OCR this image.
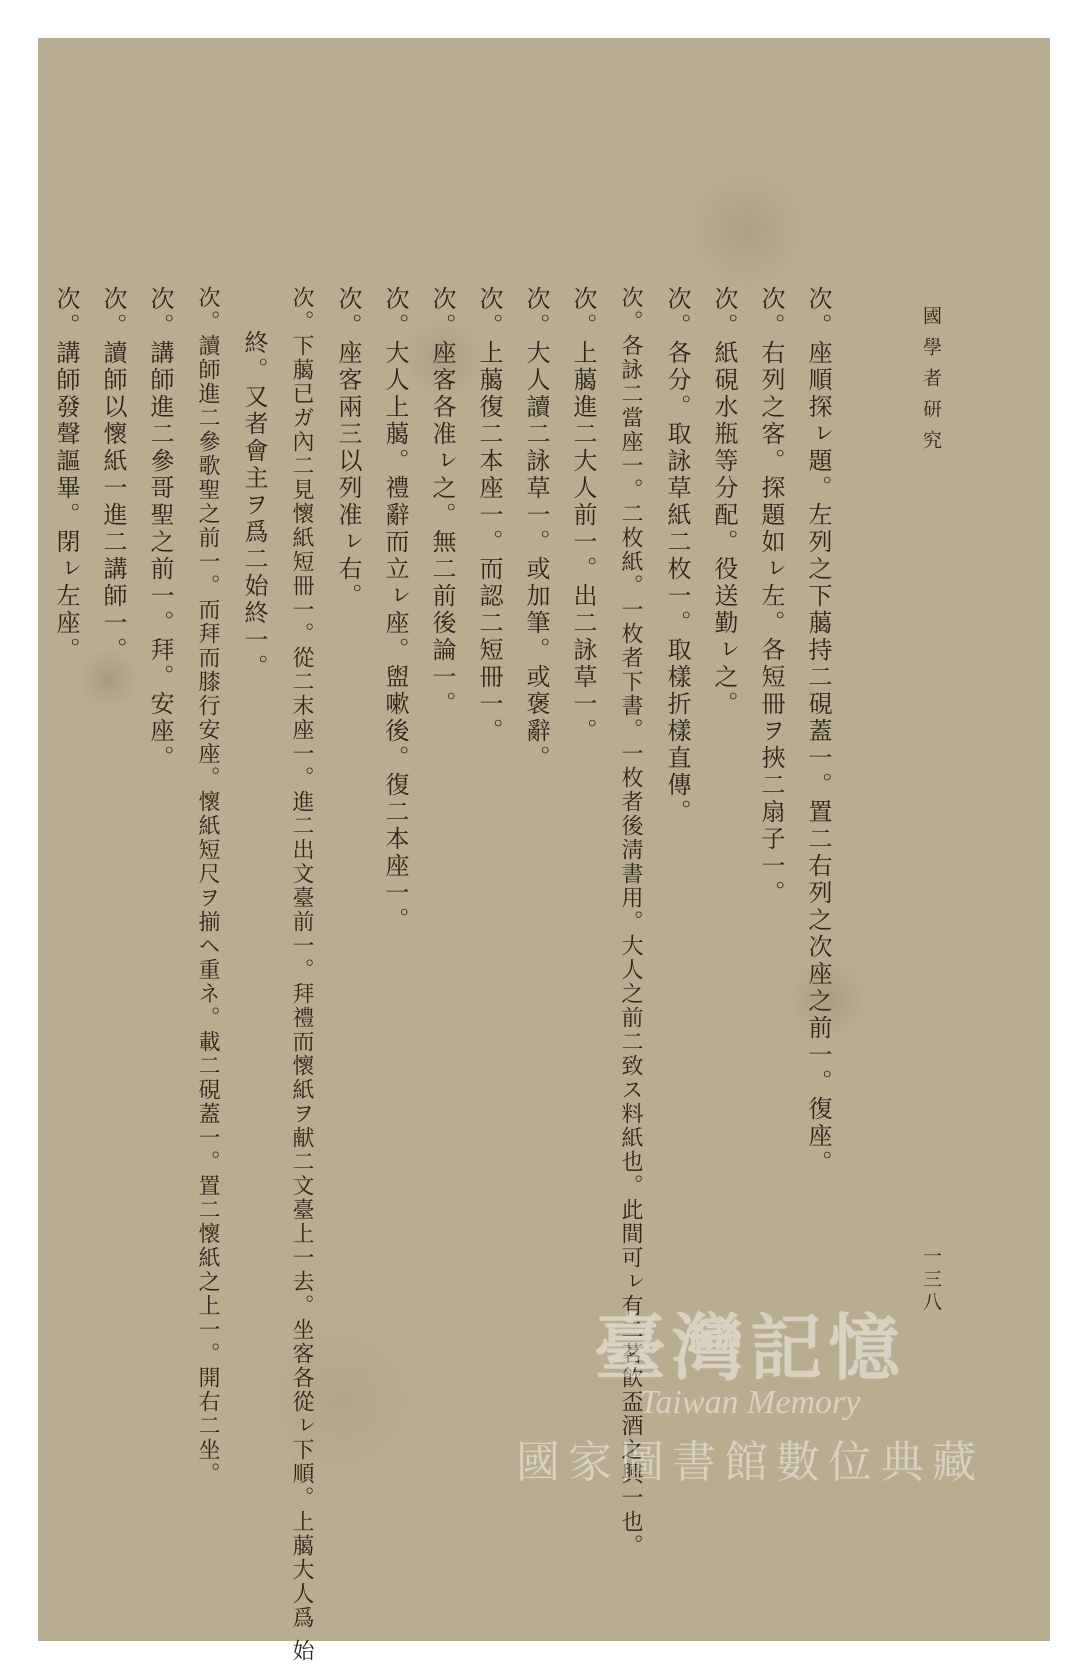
國學者研究
一三八
次。座順探ㇾ題。左列之下﨟持二硯蓋一。置二右列之次座之前一。復座。
次。右列之客。探題如ㇾ左。各短冊ヲ挾二扇子一。
次。紙硯水瓶等分配。役送勤ㇾ之。
次。各分。取詠草紙二枚一。取樣折樣直傳。
次。各詠二當座一。二枚紙。一枚者下書。一枚者後淸書用。大人之前二致ス料紙也。此間可ㇾ有二茗飮盃酒之興一也。
次。上﨟進二大人前一。出二詠草一。
次。大人讀二詠草一。或加筆。或褒辭。
次。上﨟復二本座一。而認二短冊一。
次。座客各准ㇾ之。無二前後論一。
次。大人上﨟。禮辭而立ㇾ座。盥嗽後。復二本座一。
次。座客兩三以列准ㇾ右。
次。下﨟已ガ內二見懷紙短冊一。從二末座一。進二出文臺前一。拜禮而懷紙ヲ献二文臺上一去。坐客各從ㇾ下順。上﨟大人爲 始
終。又者會主ヲ爲二始終一。
次。讀師進二參歌聖之前一。而拜而膝行安座。懷紙短尺ヲ揃ヘ重ネ。載二硯蓋一。置二懷紙之上一。開右二坐。
次。講師進二參哥聖之前一。拜。安座。
次。讀師以懷紙一進二講師一。
次。講師發聲謳畢。閉ㇾ左座。
臺灣記憶
Taiwan Memory
國家圖書館數位典藏
